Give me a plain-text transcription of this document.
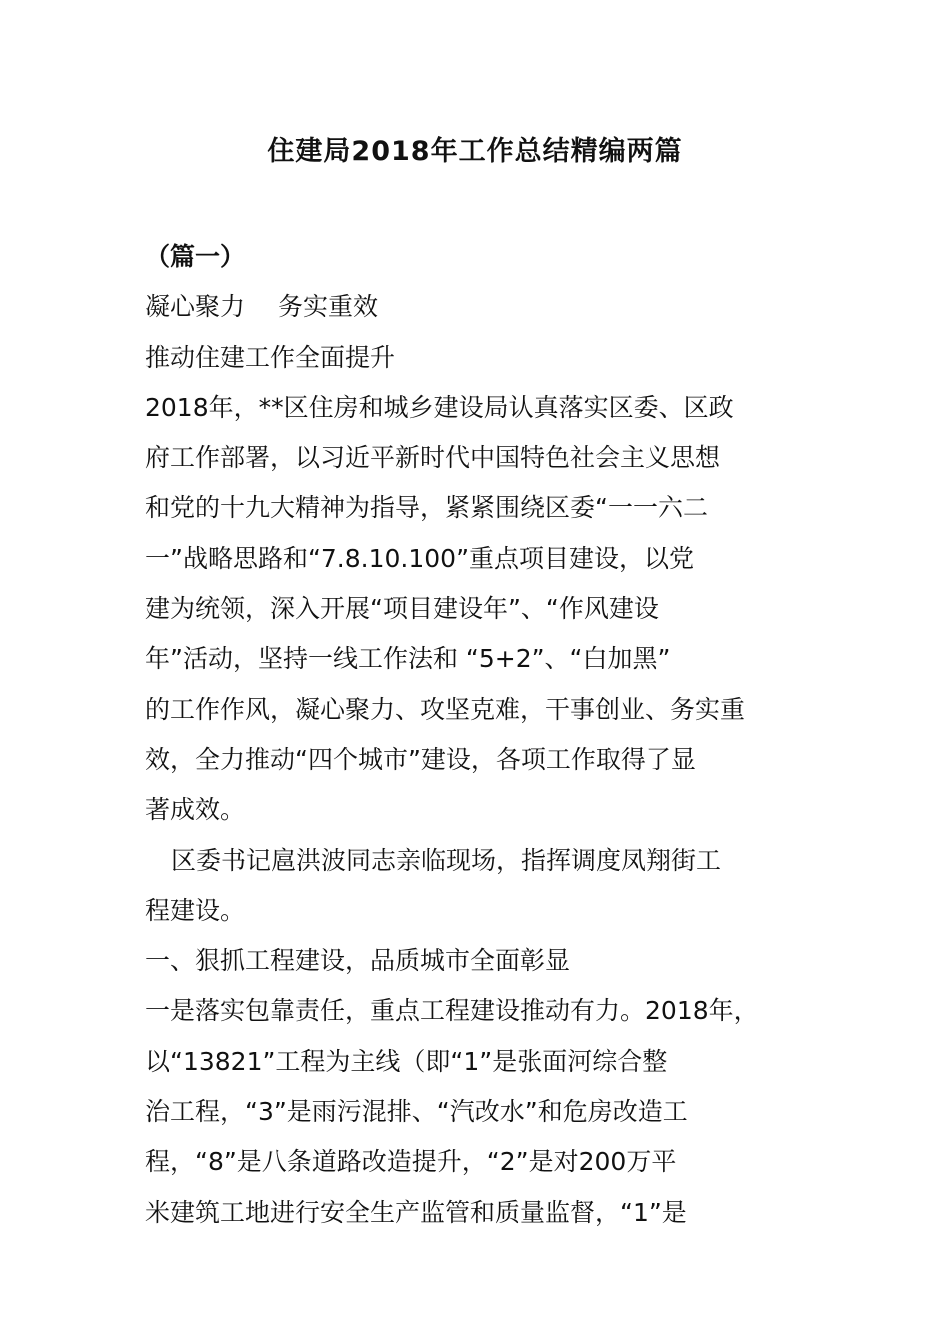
住建局2018年工作总结精编两篇
（篇一）
凝心聚力　 务实重效
推动住建工作全面提升
2018年，**区住房和城乡建设局认真落实区委、区政
府工作部署，以习近平新时代中国特色社会主义思想
和党的十九大精神为指导，紧紧围绕区委“一一六二
一”战略思路和“7.8.10.100”重点项目建设，以党
建为统领，深入开展“项目建设年”、“作风建设
年”活动，坚持一线工作法和 “5+2”、“白加黑”
的工作作风，凝心聚力、攻坚克难，干事创业、务实重
效，全力推动“四个城市”建设，各项工作取得了显
著成效。
区委书记扈洪波同志亲临现场，指挥调度凤翔街工
程建设。
一、狠抓工程建设，品质城市全面彰显
一是落实包靠责任，重点工程建设推动有力。2018年，
以“13821”工程为主线（即“1”是张面河综合整
治工程，“3”是雨污混排、“汽改水”和危房改造工
程，“8”是八条道路改造提升，“2”是对200万平
米建筑工地进行安全生产监管和质量监督，“1”是
